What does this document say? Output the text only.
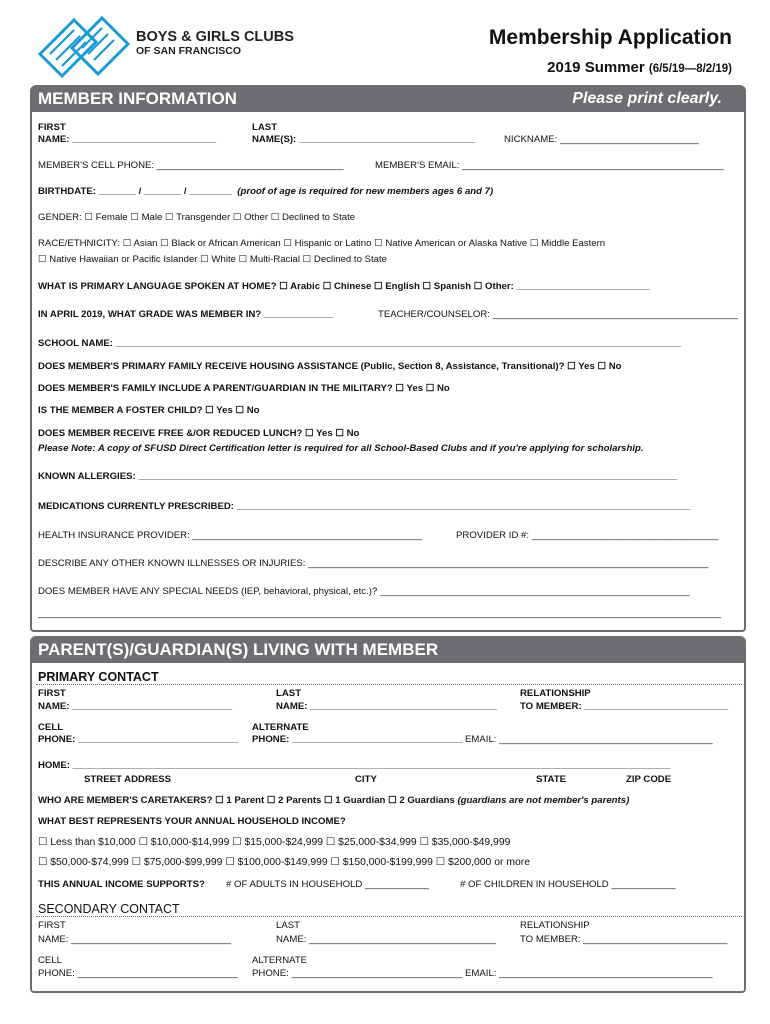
BOYS & GIRLS CLUBS
OF SAN FRANCISCO
Membership Application
2019 Summer (6/5/19—8/2/19)
MEMBER INFORMATION	Please print clearly.
FIRST
NAME: ___________________________
LAST
NAME(S): _________________________________	NICKNAME: __________________________
MEMBER'S CELL PHONE: ___________________________________	MEMBER'S EMAIL: _________________________________________________
BIRTHDATE: _______ / _______ / ________ (proof of age is required for new members ages 6 and 7)
GENDER: ☐ Female ☐ Male ☐ Transgender ☐ Other ☐ Declined to State
RACE/ETHNICITY: ☐ Asian ☐ Black or African American ☐ Hispanic or Latino ☐ Native American or Alaska Native ☐ Middle Eastern
☐ Native Hawaiian or Pacific Islander ☐ White ☐ Multi-Racial ☐ Declined to State
WHAT IS PRIMARY LANGUAGE SPOKEN AT HOME? ☐ Arabic ☐ Chinese ☐ English ☐ Spanish ☐ Other: _________________________
IN APRIL 2019, WHAT GRADE WAS MEMBER IN? _____________	TEACHER/COUNSELOR: ______________________________________________
SCHOOL NAME: __________________________________________________________________________________________________________
DOES MEMBER'S PRIMARY FAMILY RECEIVE HOUSING ASSISTANCE (Public, Section 8, Assistance, Transitional)? ☐ Yes ☐ No
DOES MEMBER'S FAMILY INCLUDE A PARENT/GUARDIAN IN THE MILITARY? ☐ Yes ☐ No
IS THE MEMBER A FOSTER CHILD? ☐ Yes ☐ No
DOES MEMBER RECEIVE FREE &/OR REDUCED LUNCH? ☐ Yes ☐ No
Please Note: A copy of SFUSD Direct Certification letter is required for all School-Based Clubs and if you're applying for scholarship.
KNOWN ALLERGIES: _____________________________________________________________________________________________________
MEDICATIONS CURRENTLY PRESCRIBED: _____________________________________________________________________________________
HEALTH INSURANCE PROVIDER: ___________________________________________	PROVIDER ID #: ___________________________________
DESCRIBE ANY OTHER KNOWN ILLNESSES OR INJURIES: ___________________________________________________________________________
DOES MEMBER HAVE ANY SPECIAL NEEDS (IEP, behavioral, physical, etc.)? __________________________________________________________
________________________________________________________________________________________________________________________________
PARENT(S)/GUARDIAN(S) LIVING WITH MEMBER
PRIMARY CONTACT
FIRST
NAME: ______________________________
LAST
NAME: ___________________________________
RELATIONSHIP
TO MEMBER: ___________________________
CELL
PHONE: ______________________________
ALTERNATE
PHONE: ________________________________ EMAIL: ________________________________________
HOME: ________________________________________________________________________________________________________________
STREET ADDRESS	CITY	STATE	ZIP CODE
WHO ARE MEMBER'S CARETAKERS? ☐ 1 Parent ☐ 2 Parents ☐ 1 Guardian ☐ 2 Guardians (guardians are not member's parents)
WHAT BEST REPRESENTS YOUR ANNUAL HOUSEHOLD INCOME?
☐ Less than $10,000 ☐ $10,000-$14,999 ☐ $15,000-$24,999 ☐ $25,000-$34,999 ☐ $35,000-$49,999
☐ $50,000-$74,999 ☐ $75,000-$99,999 ☐ $100,000-$149,999 ☐ $150,000-$199,999 ☐ $200,000 or more
THIS ANNUAL INCOME SUPPORTS? # OF ADULTS IN HOUSEHOLD ____________	# OF CHILDREN IN HOUSEHOLD ____________
SECONDARY CONTACT
FIRST
NAME: ______________________________
LAST
NAME: ___________________________________
RELATIONSHIP
TO MEMBER: ___________________________
CELL
PHONE: ______________________________
ALTERNATE
PHONE: ________________________________ EMAIL: ________________________________________
